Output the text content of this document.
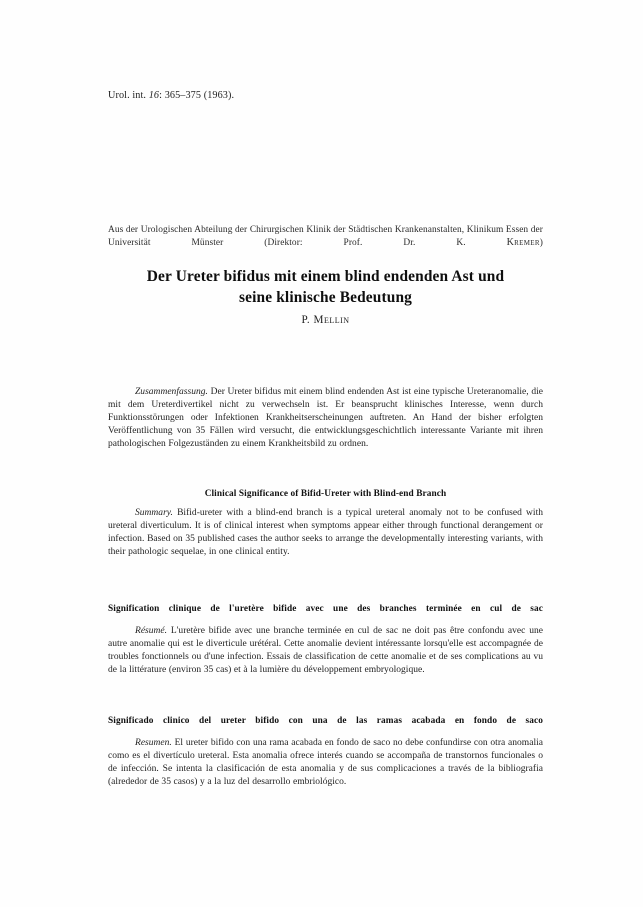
Urol. int. 16: 365–375 (1963).
Aus der Urologischen Abteilung der Chirurgischen Klinik der Städtischen Krankenanstalten, Klinikum Essen der Universität Münster (Direktor: Prof. Dr. K. Kremer)
Der Ureter bifidus mit einem blind endenden Ast und
seine klinische Bedeutung
P. Mellin
Zusammenfassung. Der Ureter bifidus mit einem blind endenden Ast ist eine typische Ureteranomalie, die mit dem Ureterdivertikel nicht zu verwechseln ist. Er beansprucht klinisches Interesse, wenn durch Funktionsstörungen oder Infektionen Krankheitserscheinungen auftreten. An Hand der bisher erfolgten Veröffentlichung von 35 Fällen wird versucht, die entwicklungsgeschichtlich interessante Variante mit ihren pathologischen Folgezuständen zu einem Krankheitsbild zu ordnen.
Clinical Significance of Bifid-Ureter with Blind-end Branch
Summary. Bifid-ureter with a blind-end branch is a typical ureteral anomaly not to be confused with ureteral diverticulum. It is of clinical interest when symptoms appear either through functional derangement or infection. Based on 35 published cases the author seeks to arrange the developmentally interesting variants, with their pathologic sequelae, in one clinical entity.
Signification clinique de l'uretère bifide avec une des branches terminée en cul de sac
Résumé. L'uretère bifide avec une branche terminée en cul de sac ne doit pas être confondu avec une autre anomalie qui est le diverticule urétéral. Cette anomalie devient intéressante lorsqu'elle est accompagnée de troubles fonctionnels ou d'une infection. Essais de classification de cette anomalie et de ses complications au vu de la littérature (environ 35 cas) et à la lumière du développement embryologique.
Significado clinico del ureter bifido con una de las ramas acabada en fondo de saco
Resumen. El ureter bifido con una rama acabada en fondo de saco no debe confundirse con otra anomalia como es el divertículo ureteral. Esta anomalia ofrece interés cuando se accompaña de transtornos funcionales o de infección. Se intenta la clasificación de esta anomalia y de sus complicaciones a través de la bibliografia (alrededor de 35 casos) y a la luz del desarrollo embriológico.
